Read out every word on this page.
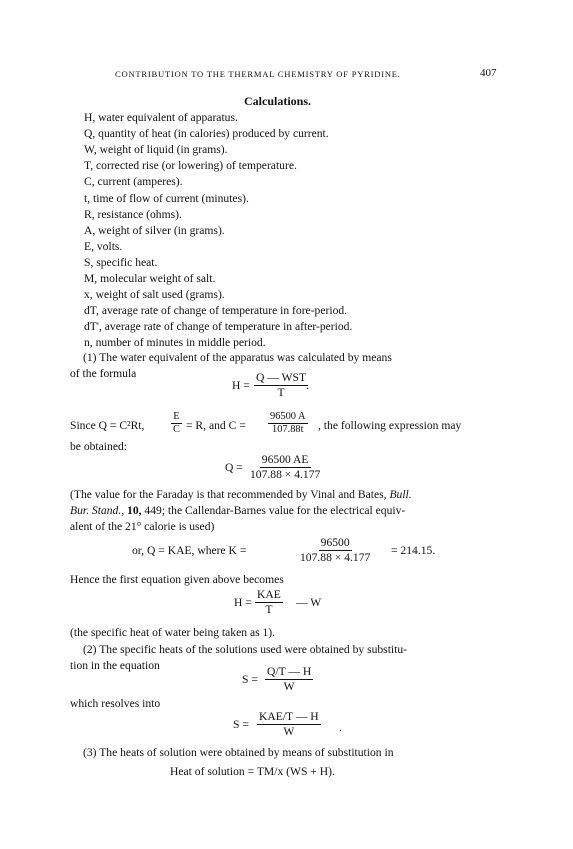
CONTRIBUTION TO THE THERMAL CHEMISTRY OF PYRIDINE.	407
Calculations.
H, water equivalent of apparatus.
Q, quantity of heat (in calories) produced by current.
W, weight of liquid (in grams).
T, corrected rise (or lowering) of temperature.
C, current (amperes).
t, time of flow of current (minutes).
R, resistance (ohms).
A, weight of silver (in grams).
E, volts.
S, specific heat.
M, molecular weight of salt.
x, weight of salt used (grams).
dT, average rate of change of temperature in fore-period.
dT', average rate of change of temperature in after-period.
n, number of minutes in middle period.
(1) The water equivalent of the apparatus was calculated by means
of the formula
H =
Q — WST
T
.
Since Q = C²Rt,	$\frac{E}{C} = R$, and $C = \frac{96500 A}{107.88t}$ , the following expression may
be obtained:
$Q = \frac{96500 AE}{107.88 \times 4.177}$
(The value for the Faraday is that recommended by Vinal and Bates, Bull.
Bur. Stand., 10, 449; the Callendar-Barnes value for the electrical equiv-
alent of the 21° calorie is used)
or, Q = KAE, where K =	$\frac{96500}{107.88 \times 4.177} = 214.15$.
Hence the first equation given above becomes
H =
KAE
T
— W
(the specific heat of water being taken as 1).
(2) The specific heats of the solutions used were obtained by substitu-
tion in the equation
$S = \frac{Q/T — H}{W}$
which resolves into
S =
KAE/T — H
W	.
(3) The heats of solution were obtained by means of substitution in
Heat of solution = TM/x (WS + H).
